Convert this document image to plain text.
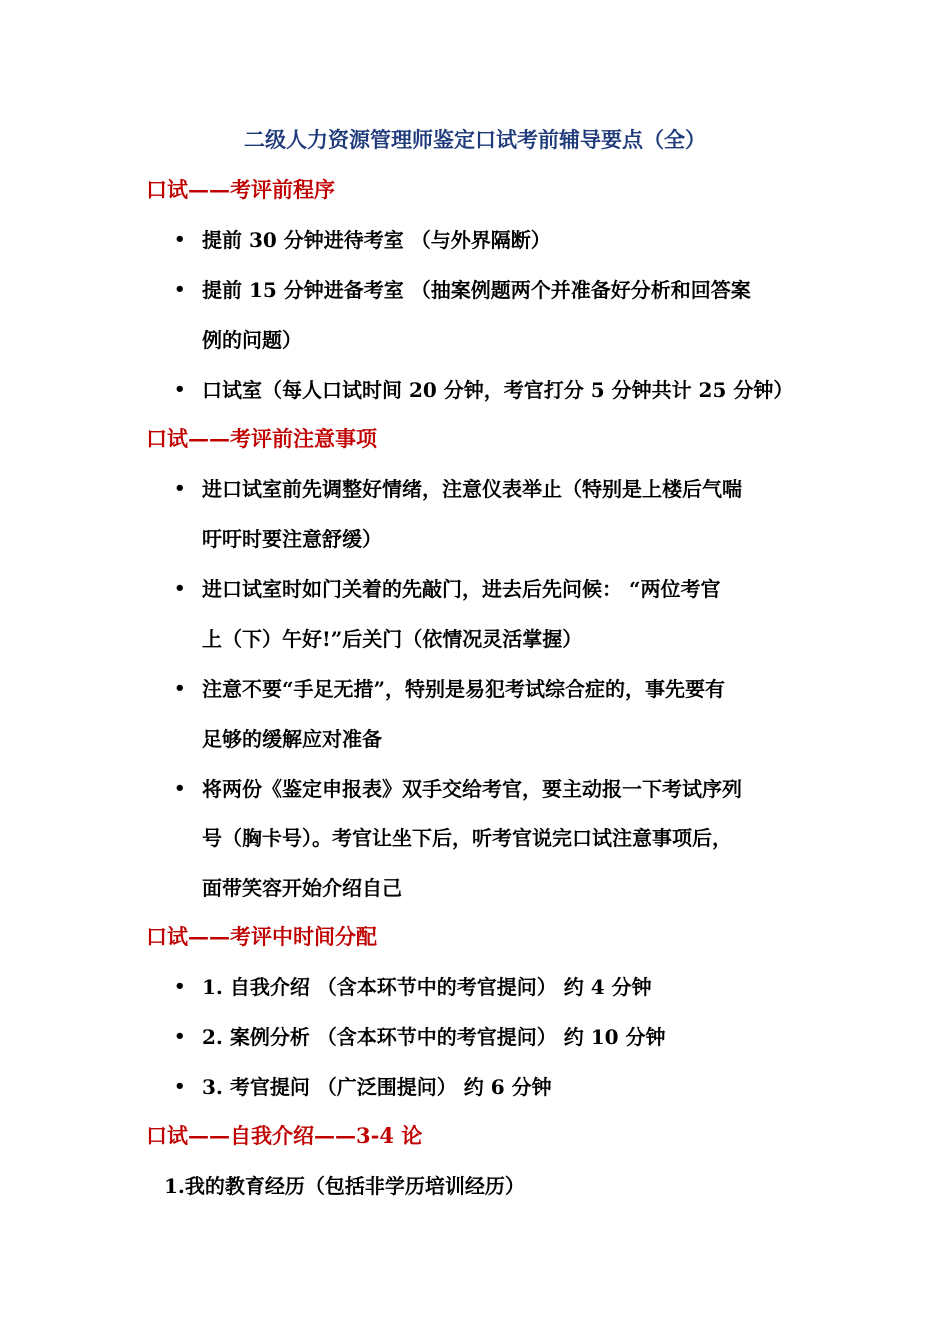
二级人力资源管理师鉴定口试考前辅导要点（全）
口试——考评前程序
• 提前 30 分钟进待考室 （与外界隔断）
• 提前 15 分钟进备考室 （抽案例题两个并准备好分析和回答案
例的问题）
• 口试室（每人口试时间 20 分钟，考官打分 5 分钟共计 25 分钟）
口试——考评前注意事项
• 进口试室前先调整好情绪，注意仪表举止（特别是上楼后气喘
吁吁时要注意舒缓）
• 进口试室时如门关着的先敲门，进去后先问候： “两位考官
上（下）午好!”后关门（依情况灵活掌握）
• 注意不要“手足无措”，特别是易犯考试综合症的，事先要有
足够的缓解应对准备
• 将两份《鉴定申报表》双手交给考官，要主动报一下考试序列
号（胸卡号）。考官让坐下后，听考官说完口试注意事项后，
面带笑容开始介绍自己
口试——考评中时间分配
• 1. 自我介绍 （含本环节中的考官提问） 约 4 分钟
• 2. 案例分析 （含本环节中的考官提问） 约 10 分钟
• 3. 考官提问 （广泛围提问） 约 6 分钟
口试——自我介绍——3-4 论
1.我的教育经历（包括非学历培训经历）
